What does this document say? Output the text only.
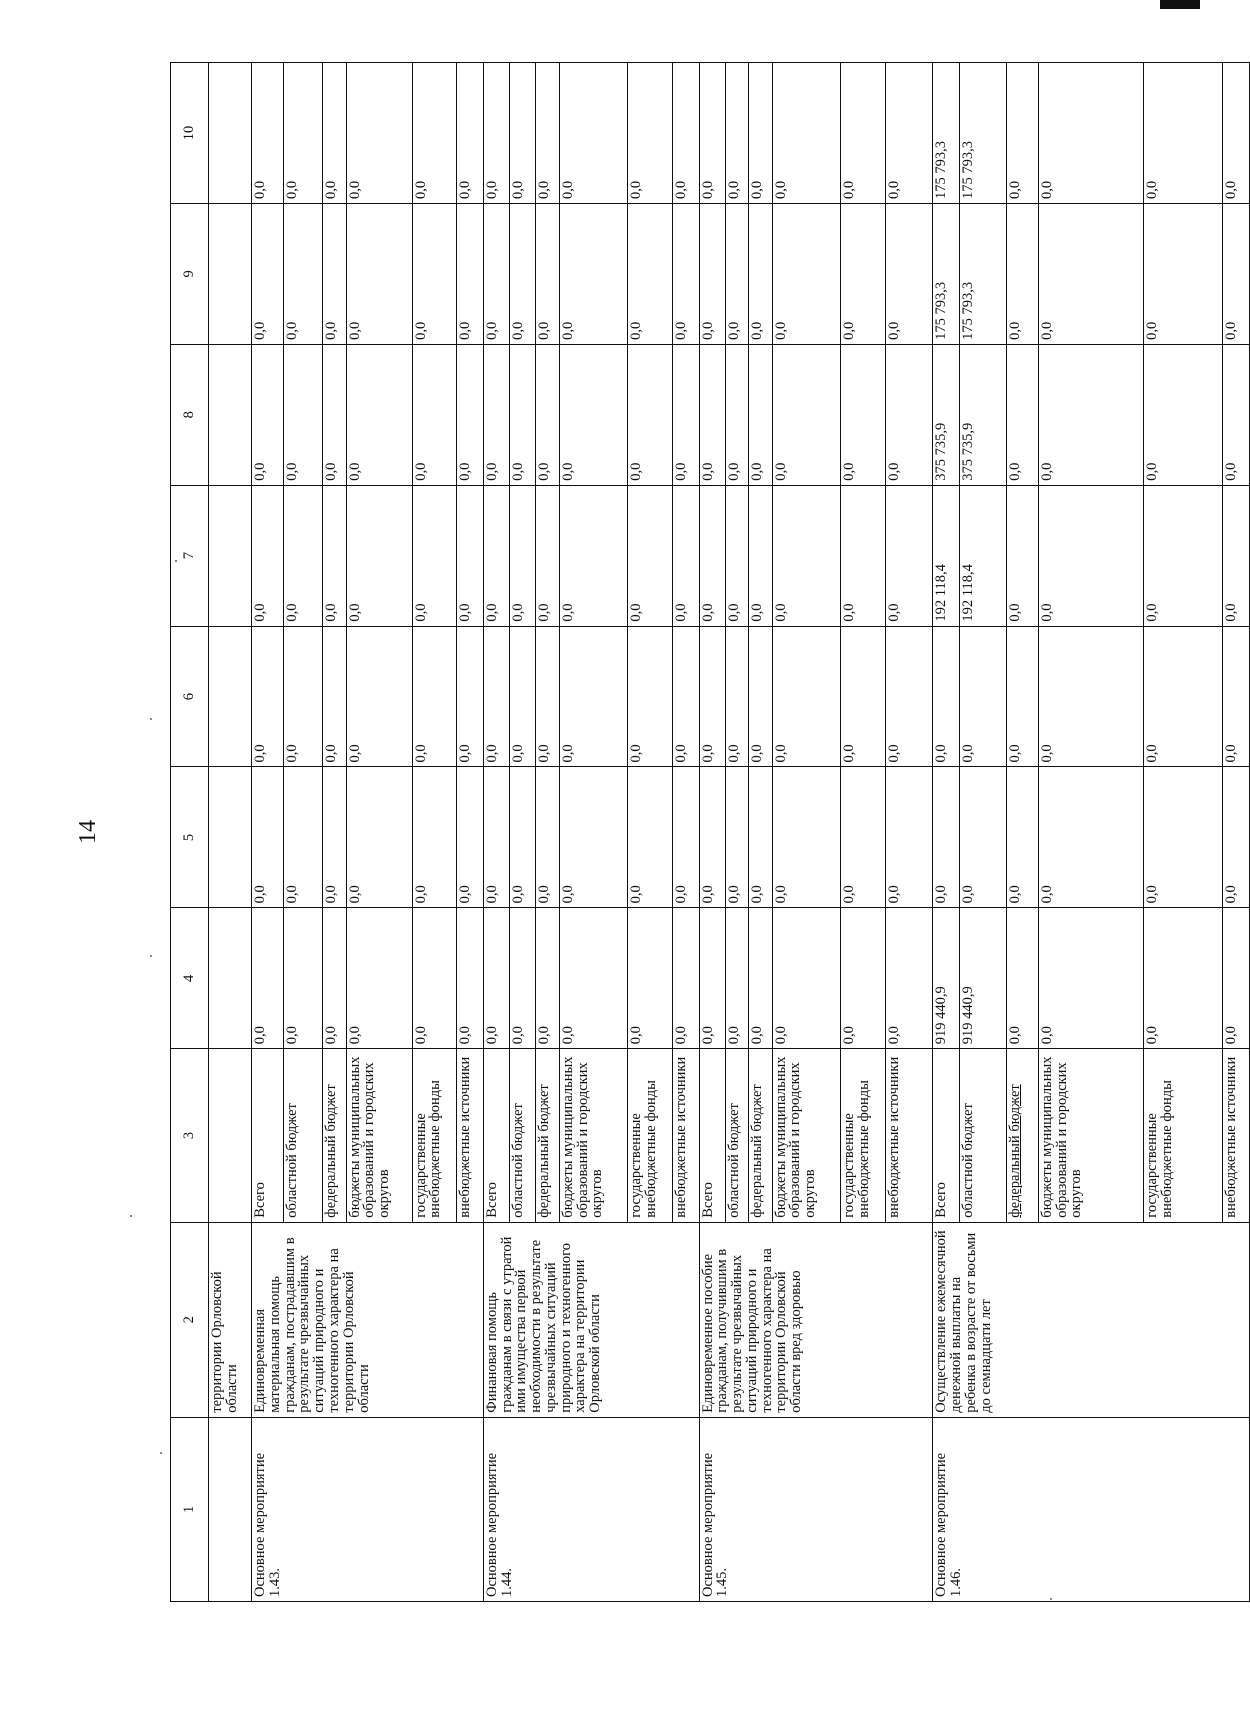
14
1	2	3	4	5	6	7	8	9	10
	территории Орловской области								
Основное мероприятие 1.43.	Единовременная материальная помощь гражданам, пострадавшим в результате чрезвычайных ситуаций природного и техногенного характера на территории Орловской области	Всего	0,0	0,0	0,0	0,0	0,0	0,0	0,0
		областной бюджет	0,0	0,0	0,0	0,0	0,0	0,0	0,0
		федеральный бюджет	0,0	0,0	0,0	0,0	0,0	0,0	0,0
		бюджеты муниципальных образований и городских округов	0,0	0,0	0,0	0,0	0,0	0,0	0,0
		государственные внебюджетные фонды	0,0	0,0	0,0	0,0	0,0	0,0	0,0
		внебюджетные источники	0,0	0,0	0,0	0,0	0,0	0,0	0,0
Основное мероприятие 1.44.	Финановая помощь гражданам в связи с утратой ими имущества первой необходимости в результате чрезвычайных ситуаций природного и техногенного характера на территории Орловской области	Всего	0,0	0,0	0,0	0,0	0,0	0,0	0,0
		областной бюджет	0,0	0,0	0,0	0,0	0,0	0,0	0,0
		федеральный бюджет	0,0	0,0	0,0	0,0	0,0	0,0	0,0
		бюджеты муниципальных образований и городских округов	0,0	0,0	0,0	0,0	0,0	0,0	0,0
		государственные внебюджетные фонды	0,0	0,0	0,0	0,0	0,0	0,0	0,0
		внебюджетные источники	0,0	0,0	0,0	0,0	0,0	0,0	0,0
Основное мероприятие 1.45.	Единовременное пособие гражданам, получившим в результате чрезвычайных ситуаций природного и техногенного характера на территории Орловской области вред здоровью	Всего	0,0	0,0	0,0	0,0	0,0	0,0	0,0
		областной бюджет	0,0	0,0	0,0	0,0	0,0	0,0	0,0
		федеральный бюджет	0,0	0,0	0,0	0,0	0,0	0,0	0,0
		бюджеты муниципальных образований и городских округов	0,0	0,0	0,0	0,0	0,0	0,0	0,0
		государственные внебюджетные фонды	0,0	0,0	0,0	0,0	0,0	0,0	0,0
		внебюджетные источники	0,0	0,0	0,0	0,0	0,0	0,0	0,0
Основное мероприятие 1.46.	Осуществление ежемесячной денежной выплаты на ребенка в возрасте от восьми до семнадцати лет	Всего	919 440,9	0,0	0,0	192 118,4	375 735,9	175 793,3	175 793,3
		областной бюджет	919 440,9	0,0	0,0	192 118,4	375 735,9	175 793,3	175 793,3
		федеральный бюджет	0,0	0,0	0,0	0,0	0,0	0,0	0,0
		бюджеты муниципальных образований и городских округов	0,0	0,0	0,0	0,0	0,0	0,0	0,0
		государственные внебюджетные фонды	0,0	0,0	0,0	0,0	0,0	0,0	0,0
		внебюджетные источники	0,0	0,0	0,0	0,0	0,0	0,0	0,0
